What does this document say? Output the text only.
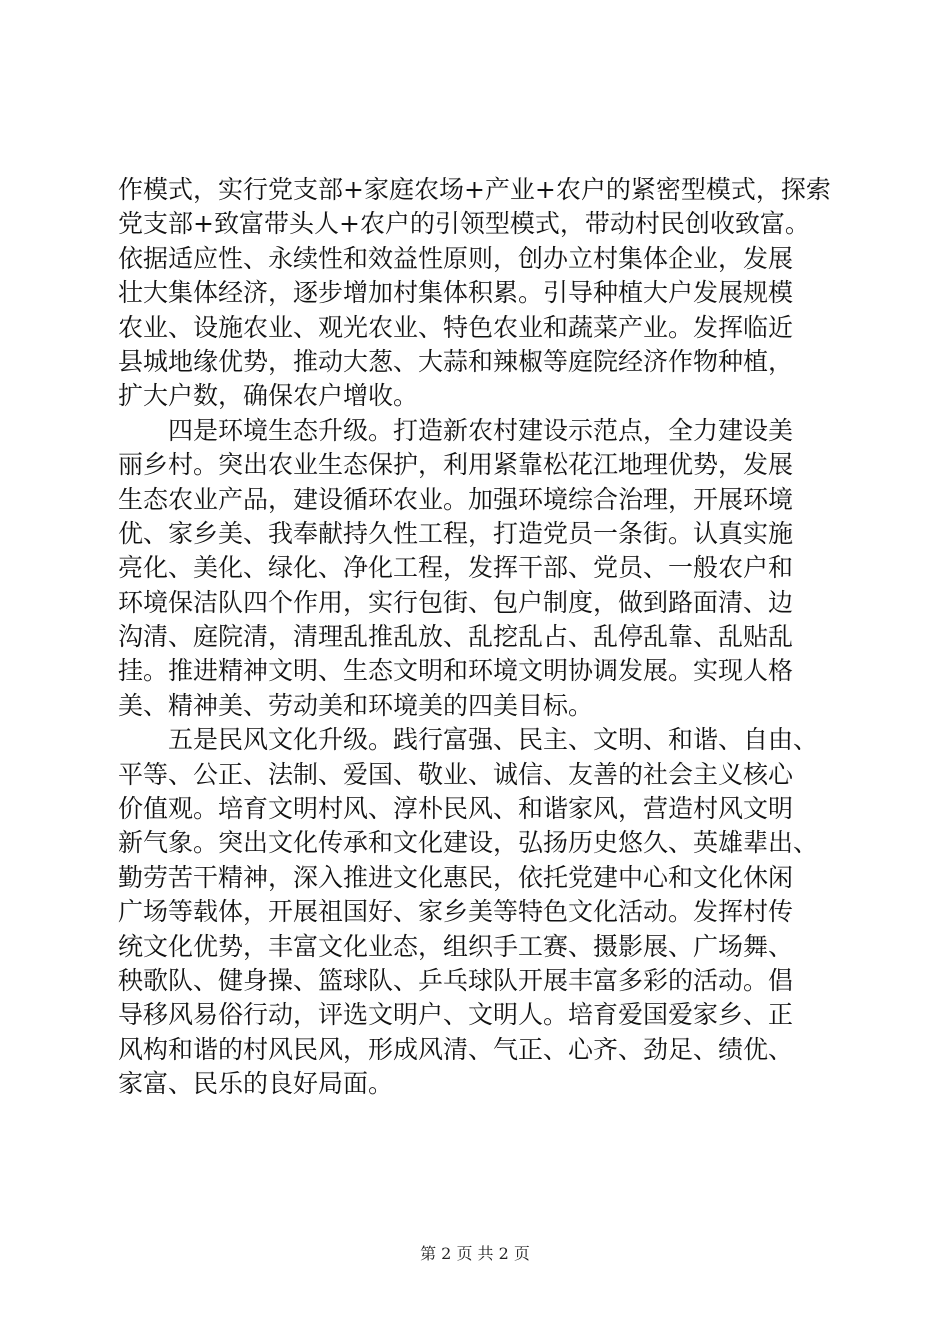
作模式，实行党支部+家庭农场+产业+农户的紧密型模式，探索
党支部+致富带头人+农户的引领型模式，带动村民创收致富。
依据适应性、永续性和效益性原则，创办立村集体企业，发展
壮大集体经济，逐步增加村集体积累。引导种植大户发展规模
农业、设施农业、观光农业、特色农业和蔬菜产业。发挥临近
县城地缘优势，推动大葱、大蒜和辣椒等庭院经济作物种植，
扩大户数，确保农户增收。
　　四是环境生态升级。打造新农村建设示范点，全力建设美
丽乡村。突出农业生态保护，利用紧靠松花江地理优势，发展
生态农业产品，建设循环农业。加强环境综合治理，开展环境
优、家乡美、我奉献持久性工程，打造党员一条街。认真实施
亮化、美化、绿化、净化工程，发挥干部、党员、一般农户和
环境保洁队四个作用，实行包街、包户制度，做到路面清、边
沟清、庭院清，清理乱推乱放、乱挖乱占、乱停乱靠、乱贴乱
挂。推进精神文明、生态文明和环境文明协调发展。实现人格
美、精神美、劳动美和环境美的四美目标。
　　五是民风文化升级。践行富强、民主、文明、和谐、自由、
平等、公正、法制、爱国、敬业、诚信、友善的社会主义核心
价值观。培育文明村风、淳朴民风、和谐家风，营造村风文明
新气象。突出文化传承和文化建设，弘扬历史悠久、英雄辈出、
勤劳苦干精神，深入推进文化惠民，依托党建中心和文化休闲
广场等载体，开展祖国好、家乡美等特色文化活动。发挥村传
统文化优势，丰富文化业态，组织手工赛、摄影展、广场舞、
秧歌队、健身操、篮球队、乒乓球队开展丰富多彩的活动。倡
导移风易俗行动，评选文明户、文明人。培育爱国爱家乡、正
风构和谐的村风民风，形成风清、气正、心齐、劲足、绩优、
家富、民乐的良好局面。
第 2 页 共 2 页
